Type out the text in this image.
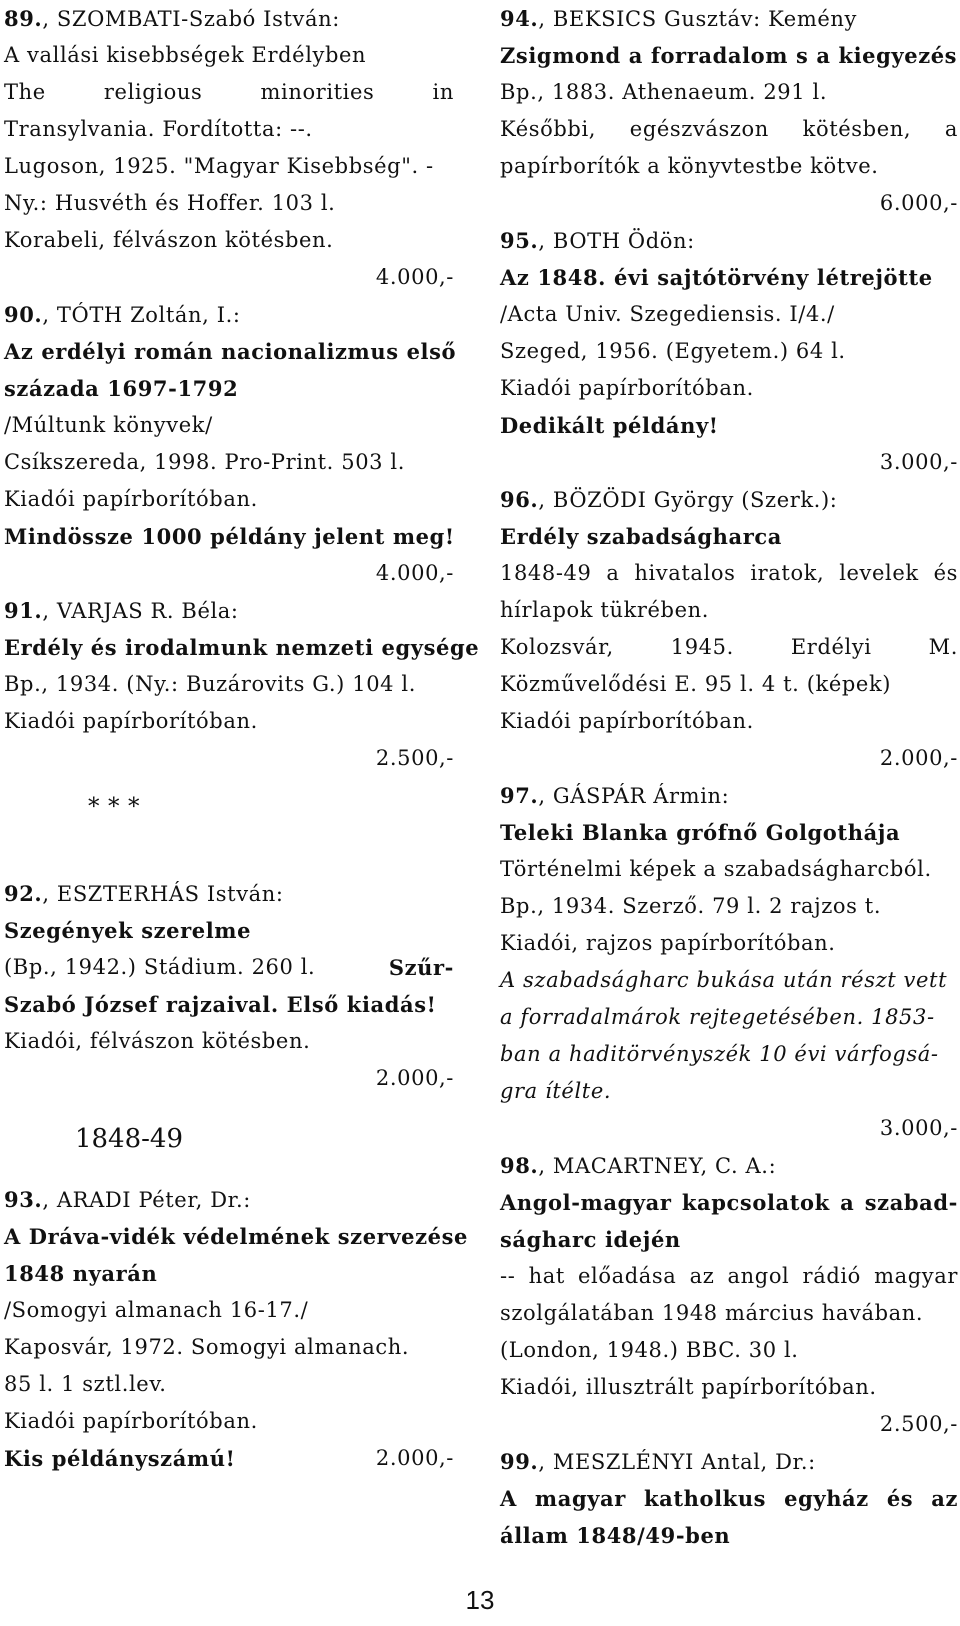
89., SZOMBATI-Szabó István:
A vallási kisebbségek Erdélyben
The religious minorities in
Transylvania. Fordította: --.
Lugoson, 1925. "Magyar Kisebbség". -
Ny.: Husvéth és Hoffer. 103 l.
Korabeli, félvászon kötésben.
4.000,-
90., TÓTH Zoltán, I.:
Az erdélyi román nacionalizmus első
százada 1697-1792
/Múltunk könyvek/
Csíkszereda, 1998. Pro-Print. 503 l.
Kiadói papírborítóban.
Mindössze 1000 példány jelent meg!
4.000,-
91., VARJAS R. Béla:
Erdély és irodalmunk nemzeti egysége
Bp., 1934. (Ny.: Buzárovits G.) 104 l.
Kiadói papírborítóban.
2.500,-
* * *
92., ESZTERHÁS István:
Szegények szerelme
(Bp., 1942.) Stádium. 260 l.	Szűr-
Szabó József rajzaival. Első kiadás!
Kiadói, félvászon kötésben.
2.000,-
1848-49
93., ARADI Péter, Dr.:
A Dráva-vidék védelmének szervezése
1848 nyarán
/Somogyi almanach 16-17./
Kaposvár, 1972. Somogyi almanach.
85 l. 1 sztl.lev.
Kiadói papírborítóban.
Kis példányszámú!	2.000,-
94., BEKSICS Gusztáv: Kemény
Zsigmond a forradalom s a kiegyezés
Bp., 1883. Athenaeum. 291 l.
Későbbi, egészvászon kötésben, a
papírborítók a könyvtestbe kötve.
6.000,-
95., BOTH Ödön:
Az 1848. évi sajtótörvény létrejötte
/Acta Univ. Szegediensis. I/4./
Szeged, 1956. (Egyetem.) 64 l.
Kiadói papírborítóban.
Dedikált példány!
3.000,-
96., BÖZÖDI György (Szerk.):
Erdély szabadságharca
1848-49 a hivatalos iratok, levelek és
hírlapok tükrében.
Kolozsvár, 1945. Erdélyi M.
Közművelődési E. 95 l. 4 t. (képek)
Kiadói papírborítóban.
2.000,-
97., GÁSPÁR Ármin:
Teleki Blanka grófnő Golgothája
Történelmi képek a szabadságharcból.
Bp., 1934. Szerző. 79 l. 2 rajzos t.
Kiadói, rajzos papírborítóban.
A szabadságharc bukása után részt vett
a forradalmárok rejtegetésében. 1853-
ban a haditörvényszék 10 évi várfogsá-
gra ítélte.
3.000,-
98., MACARTNEY, C. A.:
Angol-magyar kapcsolatok a szabad-
ságharc idején
-- hat előadása az angol rádió magyar
szolgálatában 1948 március havában.
(London, 1948.) BBC. 30 l.
Kiadói, illusztrált papírborítóban.
2.500,-
99., MESZLÉNYI Antal, Dr.:
A magyar katholkus egyház és az
állam 1848/49-ben
13
